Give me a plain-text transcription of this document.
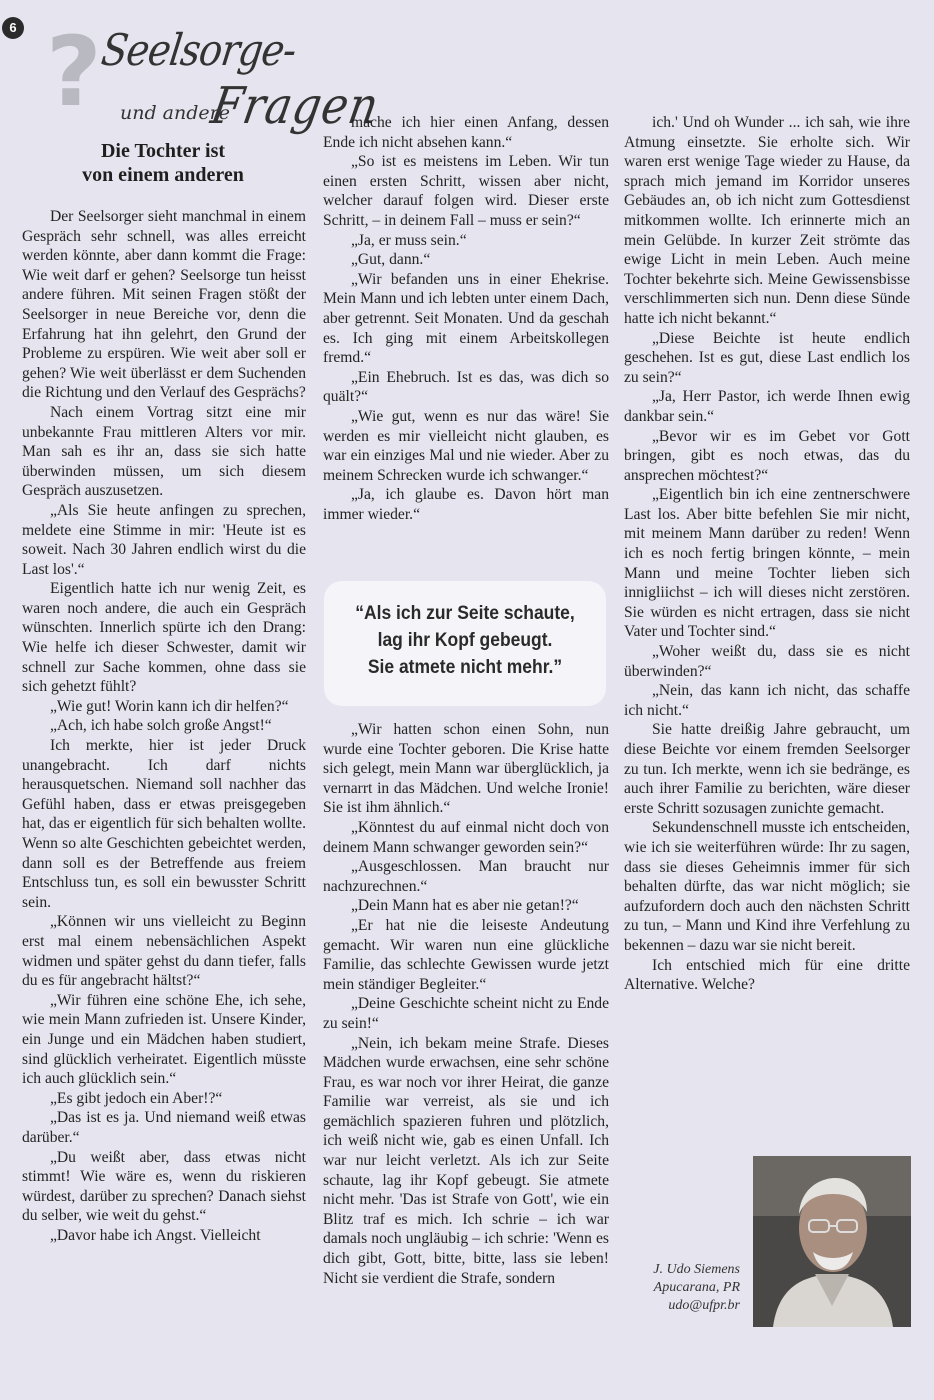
6 ?
Seelsorge-
und andere
Fragen
Die Tochter ist
von einem anderen

Der Seelsorger sieht manchmal in einem Gespräch sehr schnell, was alles erreicht werden könnte, aber dann kommt die Frage: Wie weit darf er gehen? Seelsorge tun heisst andere führen. Mit seinen Fragen stößt der Seelsorger in neue Bereiche vor, denn die Erfahrung hat ihn gelehrt, den Grund der Probleme zu erspüren. Wie weit aber soll er gehen? Wie weit überlässt er dem Suchenden die Richtung und den Verlauf des Gesprächs?

Nach einem Vortrag sitzt eine mir unbekannte Frau mittleren Alters vor mir. Man sah es ihr an, dass sie sich hatte überwinden müssen, um sich diesem Gespräch auszusetzen.

„Als Sie heute anfingen zu sprechen, meldete eine Stimme in mir: 'Heute ist es soweit. Nach 30 Jahren endlich wirst du die Last los'.“

Eigentlich hatte ich nur wenig Zeit, es waren noch andere, die auch ein Gespräch wünschten. Innerlich spürte ich den Drang: Wie helfe ich dieser Schwester, damit wir schnell zur Sache kommen, ohne dass sie sich gehetzt fühlt?

„Wie gut! Worin kann ich dir helfen?“

„Ach, ich habe solch große Angst!“

Ich merkte, hier ist jeder Druck unangebracht. Ich darf nichts herausquetschen. Niemand soll nachher das Gefühl haben, dass er etwas preisgegeben hat, das er eigentlich für sich behalten wollte. Wenn so alte Geschichten gebeichtet werden, dann soll es der Betreffende aus freiem Entschluss tun, es soll ein bewusster Schritt sein.

„Können wir uns vielleicht zu Beginn erst mal einem nebensächlichen Aspekt widmen und später gehst du dann tiefer, falls du es für angebracht hältst?“

„Wir führen eine schöne Ehe, ich sehe, wie mein Mann zufrieden ist. Unsere Kinder, ein Junge und ein Mädchen haben studiert, sind glücklich verheiratet. Eigentlich müsste ich auch glücklich sein.“

„Es gibt jedoch ein Aber!?“

„Das ist es ja. Und niemand weiß etwas darüber.“

„Du weißt aber, dass etwas nicht stimmt! Wie wäre es, wenn du riskieren würdest, darüber zu sprechen? Danach siehst du selber, wie weit du gehst.“

„Davor habe ich Angst. Vielleicht

mache ich hier einen Anfang, dessen Ende ich nicht absehen kann.“

„So ist es meistens im Leben. Wir tun einen ersten Schritt, wissen aber nicht, welcher darauf folgen wird. Dieser erste Schritt, – in deinem Fall – muss er sein?“

„Ja, er muss sein.“

„Gut, dann.“

„Wir befanden uns in einer Ehekrise. Mein Mann und ich lebten unter einem Dach, aber getrennt. Seit Monaten. Und da geschah es. Ich ging mit einem Arbeitskollegen fremd.“

„Ein Ehebruch. Ist es das, was dich so quält?“

„Wie gut, wenn es nur das wäre! Sie werden es mir vielleicht nicht glauben, es war ein einziges Mal und nie wieder. Aber zu meinem Schrecken wurde ich schwanger.“

„Ja, ich glaube es. Davon hört man immer wieder.“

“Als ich zur Seite schaute,
lag ihr Kopf gebeugt.
Sie atmete nicht mehr.”

„Wir hatten schon einen Sohn, nun wurde eine Tochter geboren. Die Krise hatte sich gelegt, mein Mann war überglücklich, ja vernarrt in das Mädchen. Und welche Ironie! Sie ist ihm ähnlich.“

„Könntest du auf einmal nicht doch von deinem Mann schwanger geworden sein?“

„Ausgeschlossen. Man braucht nur nachzurechnen.“

„Dein Mann hat es aber nie getan!?“

„Er hat nie die leiseste Andeutung gemacht. Wir waren nun eine glückliche Familie, das schlechte Gewissen wurde jetzt mein ständiger Begleiter.“

„Deine Geschichte scheint nicht zu Ende zu sein!“

„Nein, ich bekam meine Strafe. Dieses Mädchen wurde erwachsen, eine sehr schöne Frau, es war noch vor ihrer Heirat, die ganze Familie war verreist, als sie und ich gemächlich spazieren fuhren und plötzlich, ich weiß nicht wie, gab es einen Unfall. Ich war nur leicht verletzt. Als ich zur Seite schaute, lag ihr Kopf gebeugt. Sie atmete nicht mehr. 'Das ist Strafe von Gott', wie ein Blitz traf es mich. Ich schrie – ich war damals noch ungläubig – ich schrie: 'Wenn es dich gibt, Gott, bitte, bitte, lass sie leben! Nicht sie verdient die Strafe, sondern

ich.' Und oh Wunder ... ich sah, wie ihre Atmung einsetzte. Sie erholte sich. Wir waren erst wenige Tage wieder zu Hause, da sprach mich jemand im Korridor unseres Gebäudes an, ob ich nicht zum Gottesdienst mitkommen wollte. Ich erinnerte mich an mein Gelübde. In kurzer Zeit strömte das ewige Licht in mein Leben. Auch meine Tochter bekehrte sich. Meine Gewissensbisse verschlimmerten sich nun. Denn diese Sünde hatte ich nicht bekannt.“

„Diese Beichte ist heute endlich geschehen. Ist es gut, diese Last endlich los zu sein?“

„Ja, Herr Pastor, ich werde Ihnen ewig dankbar sein.“

„Bevor wir es im Gebet vor Gott bringen, gibt es noch etwas, das du ansprechen möchtest?“

„Eigentlich bin ich eine zentnerschwere Last los. Aber bitte befehlen Sie mir nicht, mit meinem Mann darüber zu reden! Wenn ich es noch fertig bringen könnte, – mein Mann und meine Tochter lieben sich innigliichst – ich will dieses nicht zerstören. Sie würden es nicht ertragen, dass sie nicht Vater und Tochter sind.“

„Woher weißt du, dass sie es nicht überwinden?“

„Nein, das kann ich nicht, das schaffe ich nicht.“

Sie hatte dreißig Jahre gebraucht, um diese Beichte vor einem fremden Seelsorger zu tun. Ich merkte, wenn ich sie bedränge, es auch ihrer Familie zu berichten, wäre dieser erste Schritt sozusagen zunichte gemacht.

Sekundenschnell musste ich entscheiden, wie ich sie weiterführen würde: Ihr zu sagen, dass sie dieses Geheimnis immer für sich behalten dürfte, das war nicht möglich; sie aufzufordern doch auch den nächsten Schritt zu tun, – Mann und Kind ihre Verfehlung zu bekennen – dazu war sie nicht bereit.

Ich entschied mich für eine dritte Alternative. Welche?

J. Udo Siemens
Apucarana, PR
udo@ufpr.br
